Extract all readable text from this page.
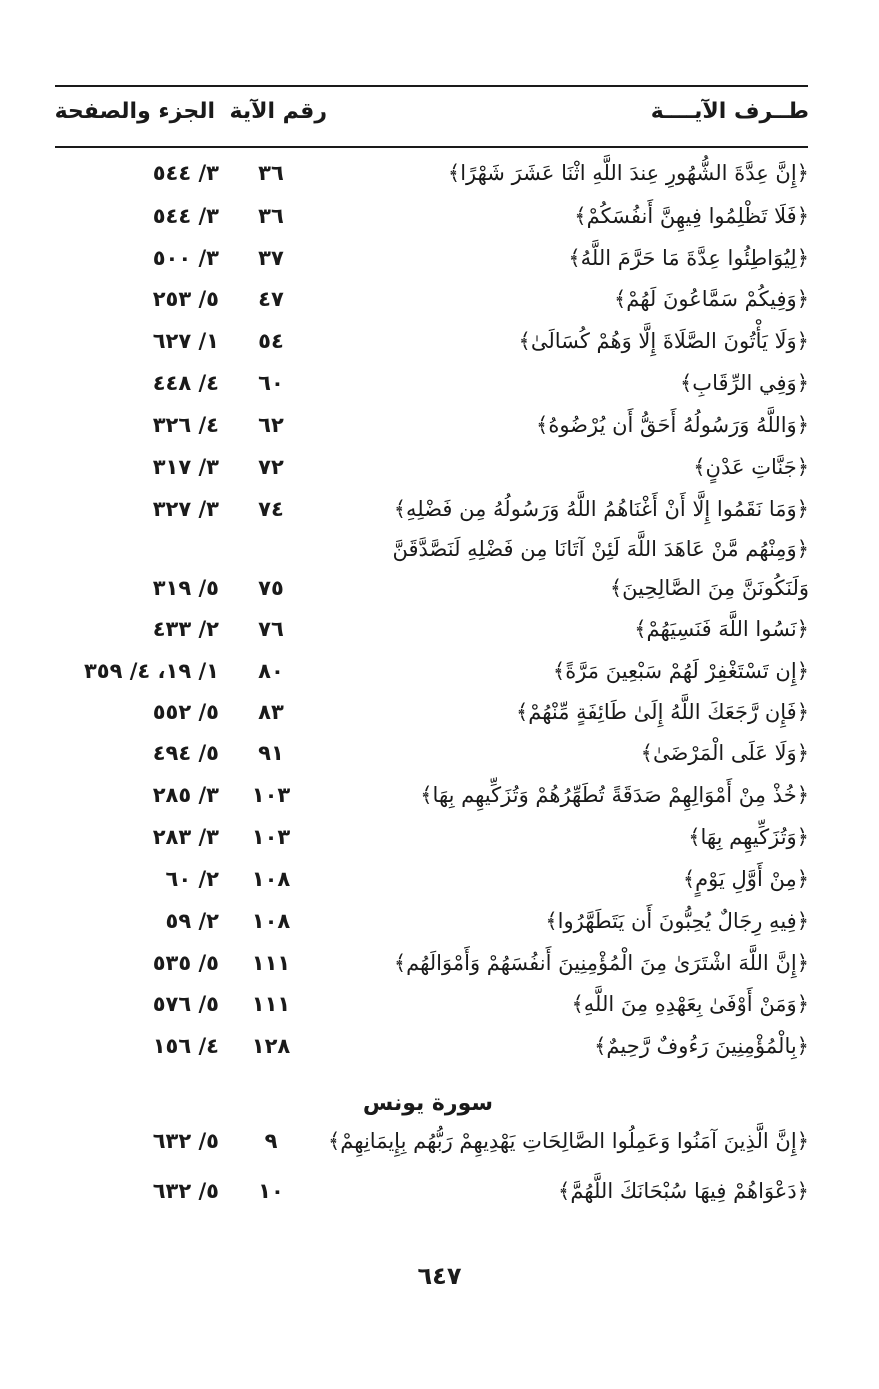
طــرف الآيــــة
رقم الآية
الجزء والصفحة
﴿إِنَّ عِدَّةَ الشُّهُورِ عِندَ اللَّهِ اثْنَا عَشَرَ شَهْرًا﴾
٣٦
٣/ ٥٤٤
﴿فَلَا تَظْلِمُوا فِيهِنَّ أَنفُسَكُمْ﴾
٣٦
٣/ ٥٤٤
﴿لِيُوَاطِئُوا عِدَّةَ مَا حَرَّمَ اللَّهُ﴾
٣٧
٣/ ٥٠٠
﴿وَفِيكُمْ سَمَّاعُونَ لَهُمْ﴾
٤٧
٥/ ٢٥٣
﴿وَلَا يَأْتُونَ الصَّلَاةَ إِلَّا وَهُمْ كُسَالَىٰ﴾
٥٤
١/ ٦٢٧
﴿وَفِي الرِّقَابِ﴾
٦٠
٤/ ٤٤٨
﴿وَاللَّهُ وَرَسُولُهُ أَحَقُّ أَن يُرْضُوهُ﴾
٦٢
٤/ ٣٢٦
﴿جَنَّاتِ عَدْنٍ﴾
٧٢
٣/ ٣١٧
﴿وَمَا نَقَمُوا إِلَّا أَنْ أَغْنَاهُمُ اللَّهُ وَرَسُولُهُ مِن فَضْلِهِ﴾
٧٤
٣/ ٣٢٧
وَلَنَكُونَنَّ مِنَ الصَّالِحِينَ﴾
٧٥
٥/ ٣١٩
﴿نَسُوا اللَّهَ فَنَسِيَهُمْ﴾
٧٦
٢/ ٤٣٣
﴿إِن تَسْتَغْفِرْ لَهُمْ سَبْعِينَ مَرَّةً﴾
٨٠
١/ ١٩، ٤/ ٣٥٩
﴿فَإِن رَّجَعَكَ اللَّهُ إِلَىٰ طَائِفَةٍ مِّنْهُمْ﴾
٨٣
٥/ ٥٥٢
﴿وَلَا عَلَى الْمَرْضَىٰ﴾
٩١
٥/ ٤٩٤
﴿خُذْ مِنْ أَمْوَالِهِمْ صَدَقَةً تُطَهِّرُهُمْ وَتُزَكِّيهِم بِهَا﴾
١٠٣
٣/ ٢٨٥
﴿وَتُزَكِّيهِم بِهَا﴾
١٠٣
٣/ ٢٨٣
﴿مِنْ أَوَّلِ يَوْمٍ﴾
١٠٨
٢/ ٦٠
﴿فِيهِ رِجَالٌ يُحِبُّونَ أَن يَتَطَهَّرُوا﴾
١٠٨
٢/ ٥٩
﴿إِنَّ اللَّهَ اشْتَرَىٰ مِنَ الْمُؤْمِنِينَ أَنفُسَهُمْ وَأَمْوَالَهُم﴾
١١١
٥/ ٥٣٥
﴿وَمَنْ أَوْفَىٰ بِعَهْدِهِ مِنَ اللَّهِ﴾
١١١
٥/ ٥٧٦
﴿بِالْمُؤْمِنِينَ رَءُوفٌ رَّحِيمٌ﴾
١٢٨
٤/ ١٥٦
﴿وَمِنْهُم مَّنْ عَاهَدَ اللَّهَ لَئِنْ آتَانَا مِن فَضْلِهِ لَنَصَّدَّقَنَّ
سورة يونس
﴿إِنَّ الَّذِينَ آمَنُوا وَعَمِلُوا الصَّالِحَاتِ يَهْدِيهِمْ رَبُّهُم بِإِيمَانِهِمْ﴾
٩
٥/ ٦٣٢
﴿دَعْوَاهُمْ فِيهَا سُبْحَانَكَ اللَّهُمَّ﴾
١٠
٥/ ٦٣٢
٦٤٧
